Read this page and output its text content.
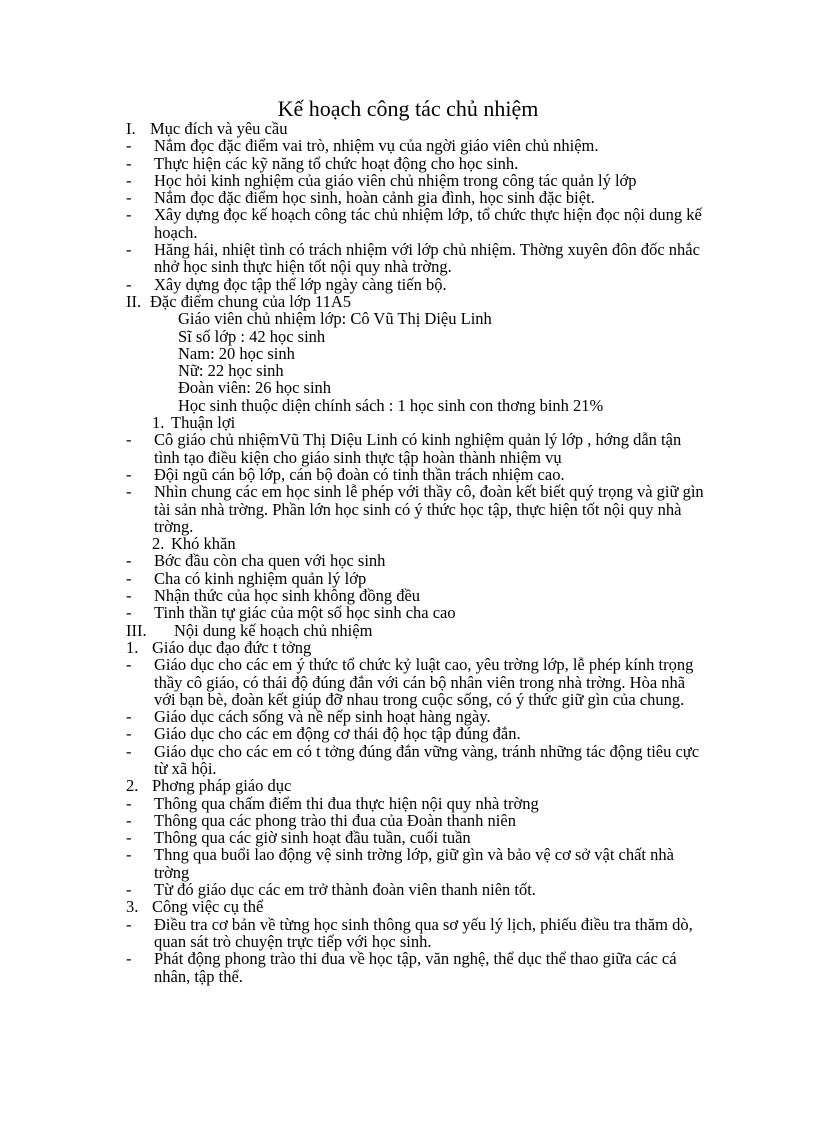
Kế hoạch công tác chủ nhiệm
I. Mục đích và yêu cầu
-	Nắm đọc đặc điểm vai trò, nhiệm vụ của ngời giáo viên chủ nhiệm.
-	Thực hiện các kỹ năng tổ chức hoạt động cho học sinh.
-	Học hỏi kinh nghiệm của giáo viên chủ nhiệm trong công tác quản lý lớp
-	Nắm đọc đặc điểm học sinh, hoàn cảnh gia đình, học sinh đặc biệt.
-	Xây dựng đọc kế hoạch công tác chủ nhiệm lớp, tổ chức thực hiện đọc nội dung kế hoạch.
-	Hăng hái, nhiệt tình có trách nhiệm với lớp chủ nhiệm. Thờng xuyên đôn đốc nhắc nhở học sinh thực hiện tốt nội quy nhà trờng.
-	Xây dựng đọc tập thể lớp ngày càng tiến bộ.
II. Đặc điểm chung của lớp 11A5
Giáo viên chủ nhiệm lớp: Cô Vũ Thị Diệu Linh
Sĩ số lớp : 42 học sinh
Nam: 20 học sinh
Nữ: 22 học sinh
Đoàn viên: 26 học sinh
Học sinh thuộc diện chính sách : 1 học sinh con thơng binh 21%
1. Thuận lợi
-	Cô giáo chủ nhiệmVũ Thị Diệu Linh có kinh nghiệm quản lý lớp , hớng dẫn tận tình tạo điều kiện cho giáo sinh thực tập hoàn thành nhiệm vụ
-	Đội ngũ cán bộ lớp, cán bộ đoàn có tinh thần trách nhiệm cao.
-	Nhìn chung các em học sinh lễ phép với thầy cô, đoàn kết biết quý trọng và giữ gìn tài sản nhà trờng. Phần lớn học sinh có ý thức học tập, thực hiện tốt nội quy nhà trờng.
2. Khó khăn
-	Bớc đầu còn cha quen với học sinh
-	Cha có kinh nghiệm quản lý lớp
-	Nhận thức của học sinh không đồng đều
-	Tinh thần tự giác của một số học sinh cha cao
III.	Nội dung kế hoạch chủ nhiệm
1. Giáo dục đạo đức t tởng
-	Giáo dục cho các em ý thức tổ chức kỷ luật cao, yêu trờng lớp, lễ phép kính trọng thầy cô giáo, có thái độ đúng đắn với cán bộ nhân viên trong nhà trờng. Hòa nhã với bạn bè, đoàn kết giúp đỡ nhau trong cuộc sống, có ý thức giữ gìn của chung.
-	Giáo dục cách sống và nề nếp sinh hoạt hàng ngày.
-	Giáo dục cho các em động cơ thái độ học tập đúng đắn.
-	Giáo dục cho các em có t tởng đúng đắn vững vàng, tránh những tác động tiêu cực từ xã hội.
2. Phơng pháp giáo dục
-	Thông qua chấm điểm thi đua thực hiện nội quy nhà trờng
-	Thông qua các phong trào thi đua của Đoàn thanh niên
-	Thông qua các giờ sinh hoạt đầu tuần, cuối tuần
-	Thng qua buổi lao động vệ sinh trờng lớp, giữ gìn và bảo vệ cơ sở vật chất nhà trờng
-	Từ đó giáo dục các em trở thành đoàn viên thanh niên tốt.
3. Công việc cụ thể
-	Điều tra cơ bản về từng học sinh thông qua sơ yếu lý lịch, phiếu điều tra thăm dò, quan sát trò chuyện trực tiếp với học sinh.
-	Phát động phong trào thi đua về học tập, văn nghệ, thể dục thể thao giữa các cá nhân, tập thể.
